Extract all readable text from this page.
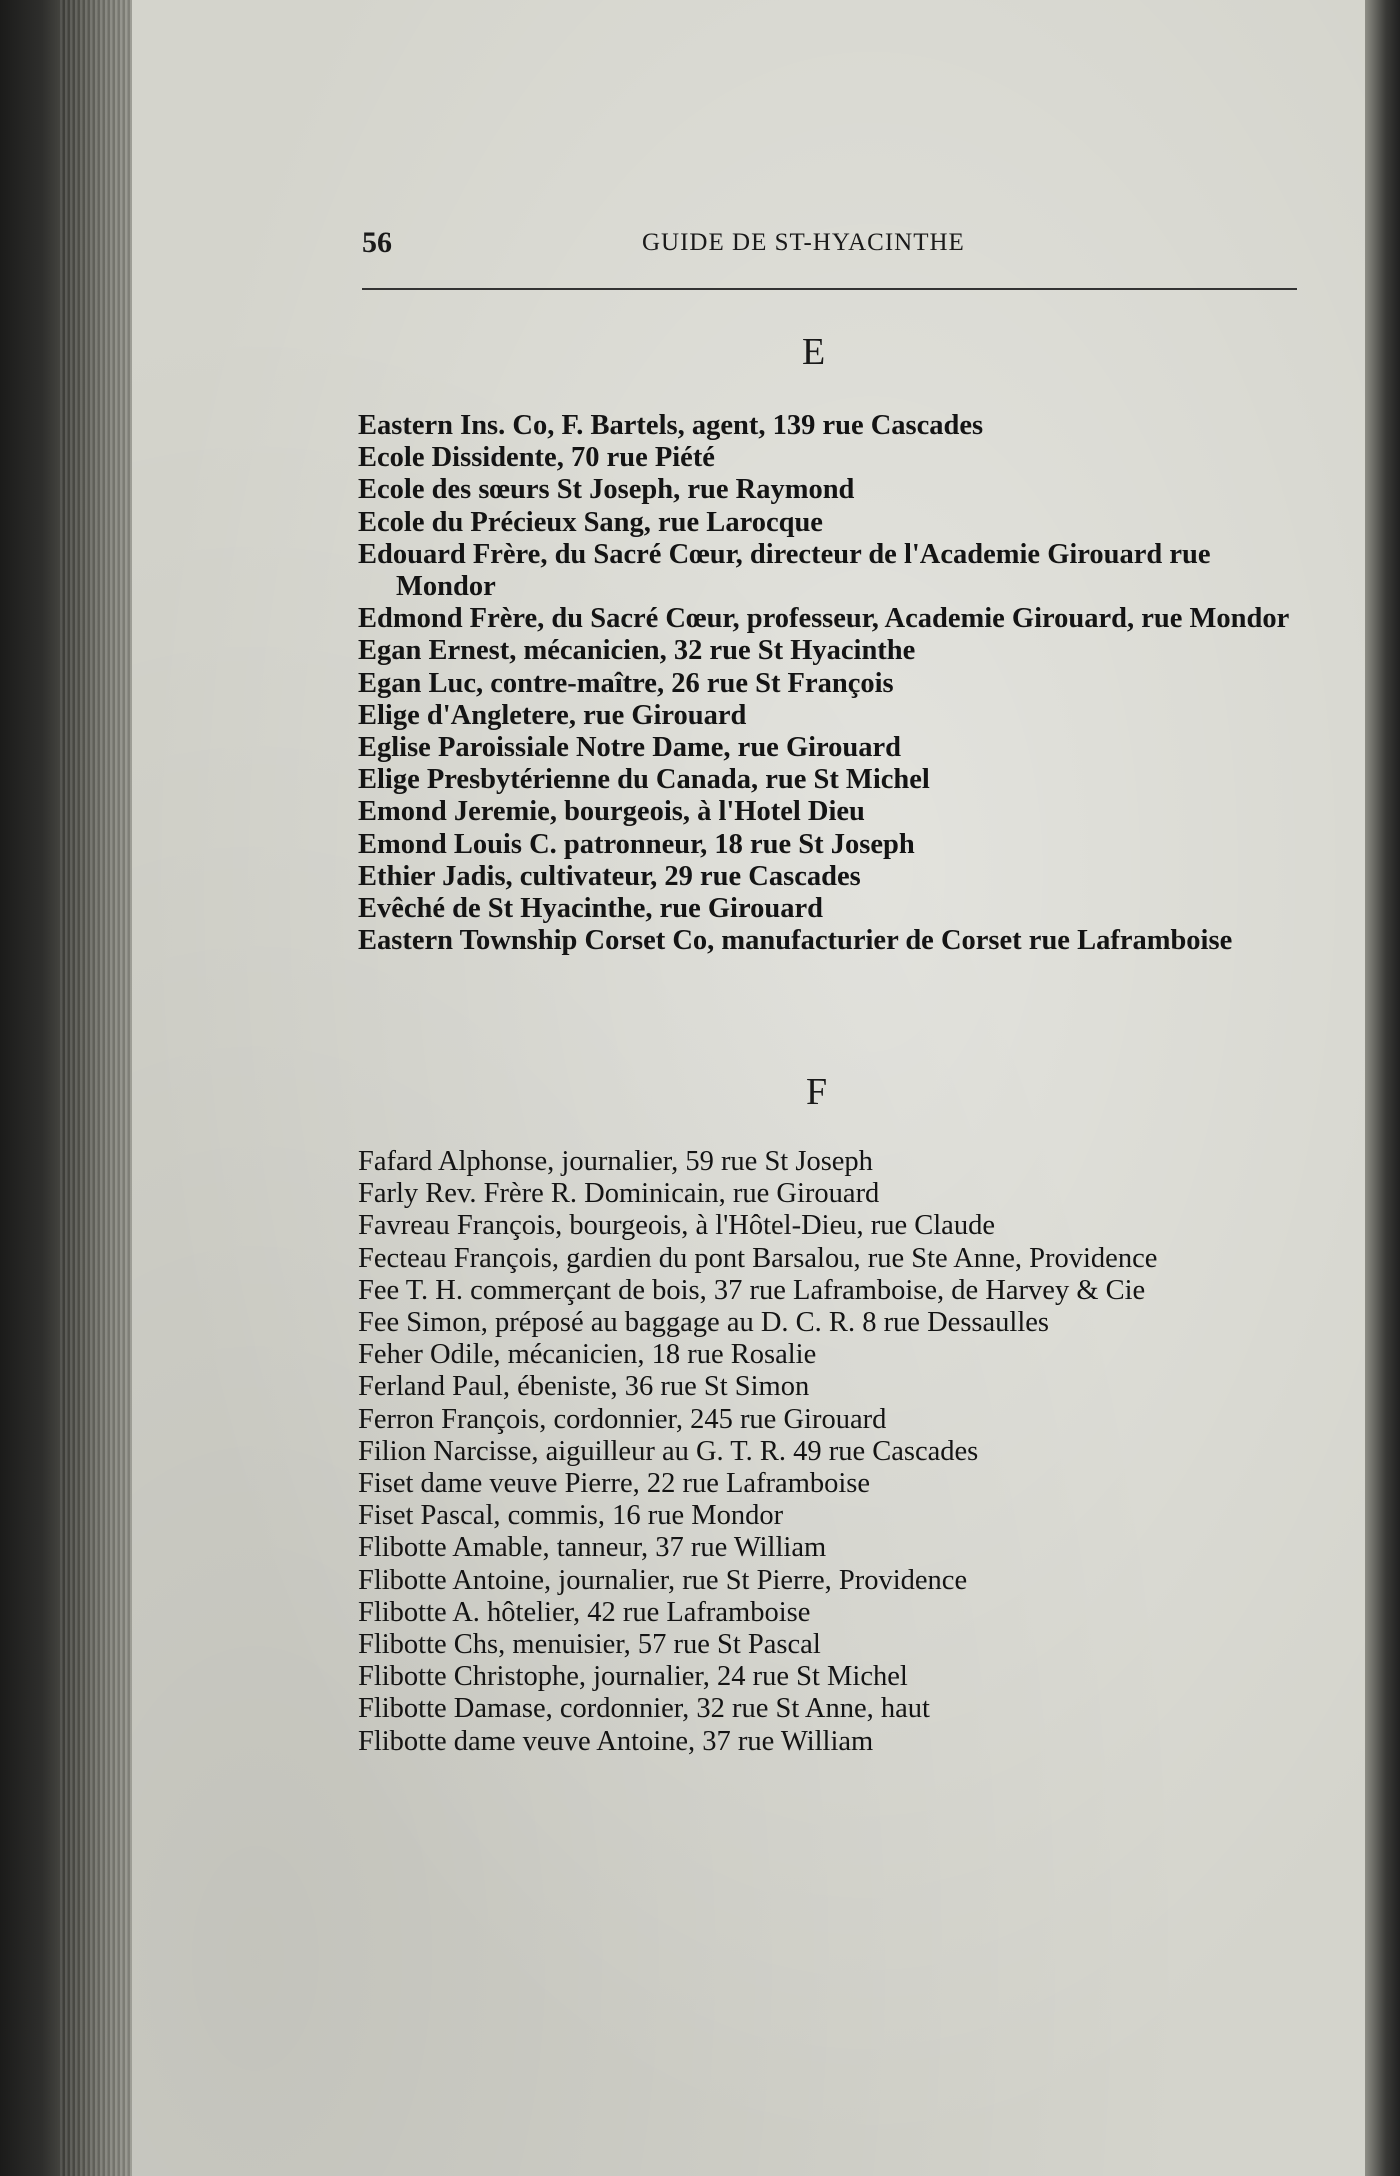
56	GUIDE DE ST-HYACINTHE
E

Eastern Ins. Co, F. Bartels, agent, 139 rue Cascades

Ecole Dissidente, 70 rue Piété

Ecole des sœurs St Joseph, rue Raymond

Ecole du Précieux Sang, rue Larocque

Edouard Frère, du Sacré Cœur, directeur de l'Academie Girouard rue Mondor

Edmond Frère, du Sacré Cœur, professeur, Academie Girouard, rue Mondor

Egan Ernest, mécanicien, 32 rue St Hyacinthe

Egan Luc, contre-maître, 26 rue St François

Elige d'Angletere, rue Girouard

Eglise Paroissiale Notre Dame, rue Girouard

Elige Presbytérienne du Canada, rue St Michel

Emond Jeremie, bourgeois, à l'Hotel Dieu

Emond Louis C. patronneur, 18 rue St Joseph

Ethier Jadis, cultivateur, 29 rue Cascades

Evêché de St Hyacinthe, rue Girouard

Eastern Township Corset Co, manufacturier de Corset rue Laframboise

F

Fafard Alphonse, journalier, 59 rue St Joseph

Farly Rev. Frère R. Dominicain, rue Girouard

Favreau François, bourgeois, à l'Hôtel-Dieu, rue Claude

Fecteau François, gardien du pont Barsalou, rue Ste Anne, Providence

Fee T. H. commerçant de bois, 37 rue Laframboise, de Harvey & Cie

Fee Simon, préposé au baggage au D. C. R. 8 rue Dessaulles

Feher Odile, mécanicien, 18 rue Rosalie

Ferland Paul, ébeniste, 36 rue St Simon

Ferron François, cordonnier, 245 rue Girouard

Filion Narcisse, aiguilleur au G. T. R. 49 rue Cascades

Fiset dame veuve Pierre, 22 rue Laframboise

Fiset Pascal, commis, 16 rue Mondor

Flibotte Amable, tanneur, 37 rue William

Flibotte Antoine, journalier, rue St Pierre, Providence

Flibotte A. hôtelier, 42 rue Laframboise

Flibotte Chs, menuisier, 57 rue St Pascal

Flibotte Christophe, journalier, 24 rue St Michel

Flibotte Damase, cordonnier, 32 rue St Anne, haut

Flibotte dame veuve Antoine, 37 rue William
